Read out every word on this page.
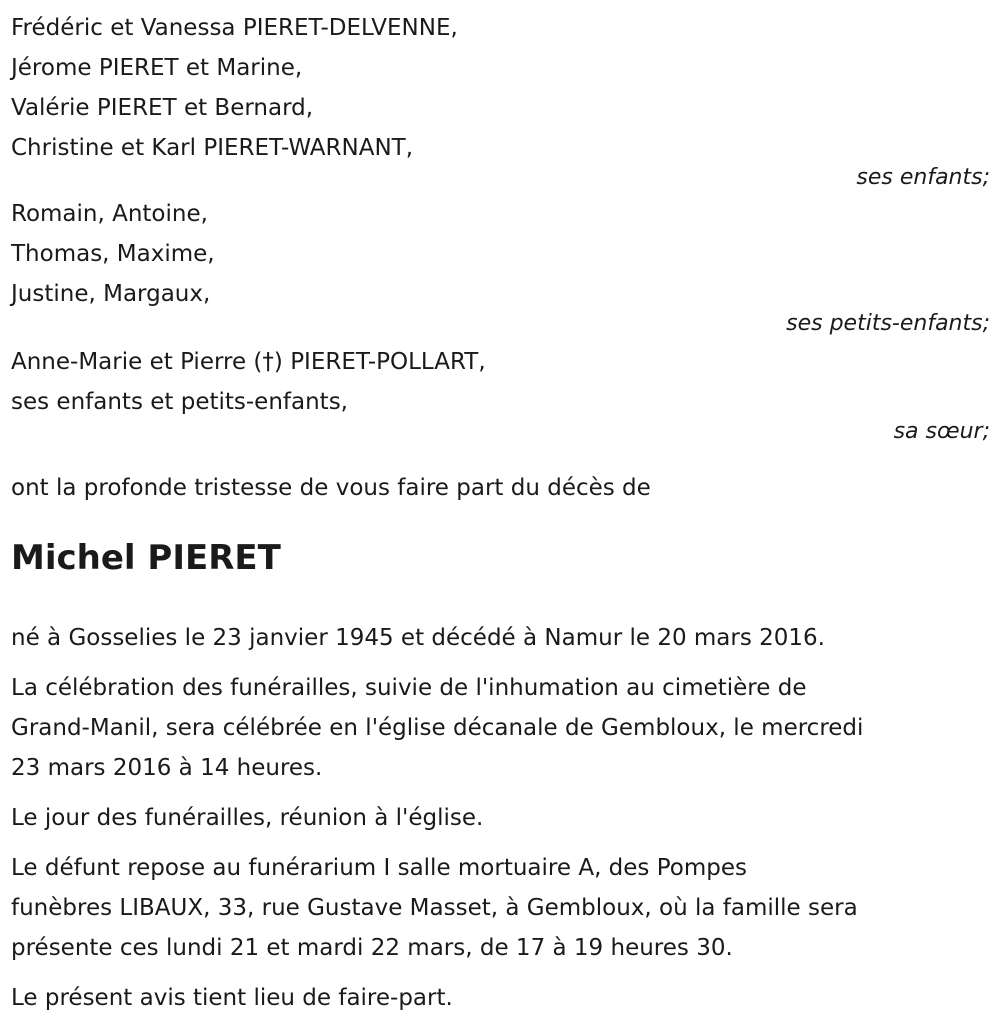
Frédéric et Vanessa PIERET-DELVENNE,

Jérome PIERET et Marine,

Valérie PIERET et Bernard,

Christine et Karl PIERET-WARNANT,

ses enfants;

Romain, Antoine,

Thomas, Maxime,

Justine, Margaux,

ses petits-enfants;

Anne-Marie et Pierre (†) PIERET-POLLART,

ses enfants et petits-enfants,

sa sœur;

ont la profonde tristesse de vous faire part du décès de

Michel PIERET

né à Gosselies le 23 janvier 1945 et décédé à Namur le 20 mars 2016.

La célébration des funérailles, suivie de l'inhumation au cimetière de
Grand-Manil, sera célébrée en l'église décanale de Gembloux, le mercredi
23 mars 2016 à 14 heures.

Le jour des funérailles, réunion à l'église.

Le défunt repose au funérarium I salle mortuaire A, des Pompes
funèbres LIBAUX, 33, rue Gustave Masset, à Gembloux, où la famille sera
présente ces lundi 21 et mardi 22 mars, de 17 à 19 heures 30.

Le présent avis tient lieu de faire-part.
